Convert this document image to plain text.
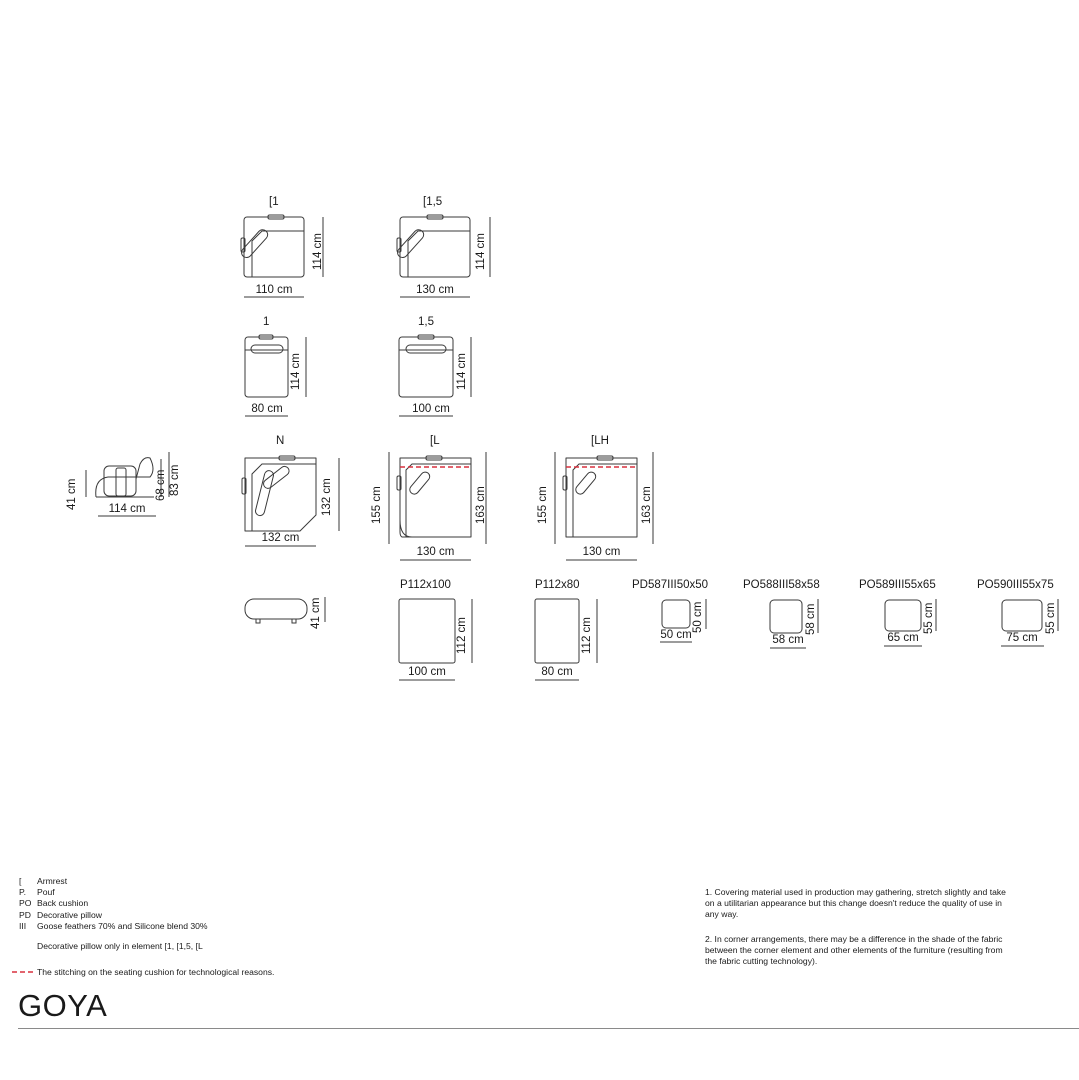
[1
110 cm
114 cm
[1,5
130 cm
114 cm
1
80 cm
114 cm
1,5
100 cm
114 cm
41 cm	68 cm 83 cm
114 cm
N
132 cm
132 cm
[L
130 cm
155 cm	163 cm
[LH
130 cm
155 cm	163 cm
41 cm
P112x100
100 cm
112 cm
P112x80
80 cm
112 cm
PD587III50x50
50 cm
50 cm
PO588III58x58
58 cm
58 cm
PO589III55x65
65 cm
55 cm
PO590III55x75
75 cm
55 cm
[ Armrest
P. Pouf
PO Back cushion
PD Decorative pillow
III Goose feathers 70% and Silicone blend 30%
Decorative pillow only in element [1, [1,5, [L
The stitching on the seating cushion for technological reasons.
1. Covering material used in production may gathering, stretch slightly and take on a utilitarian appearance but this change doesn't reduce the quality of use in any way.
2. In corner arrangements, there may be a difference in the shade of the fabric between the corner element and other elements of the furniture (resulting from the fabric cutting technology).
GOYA
